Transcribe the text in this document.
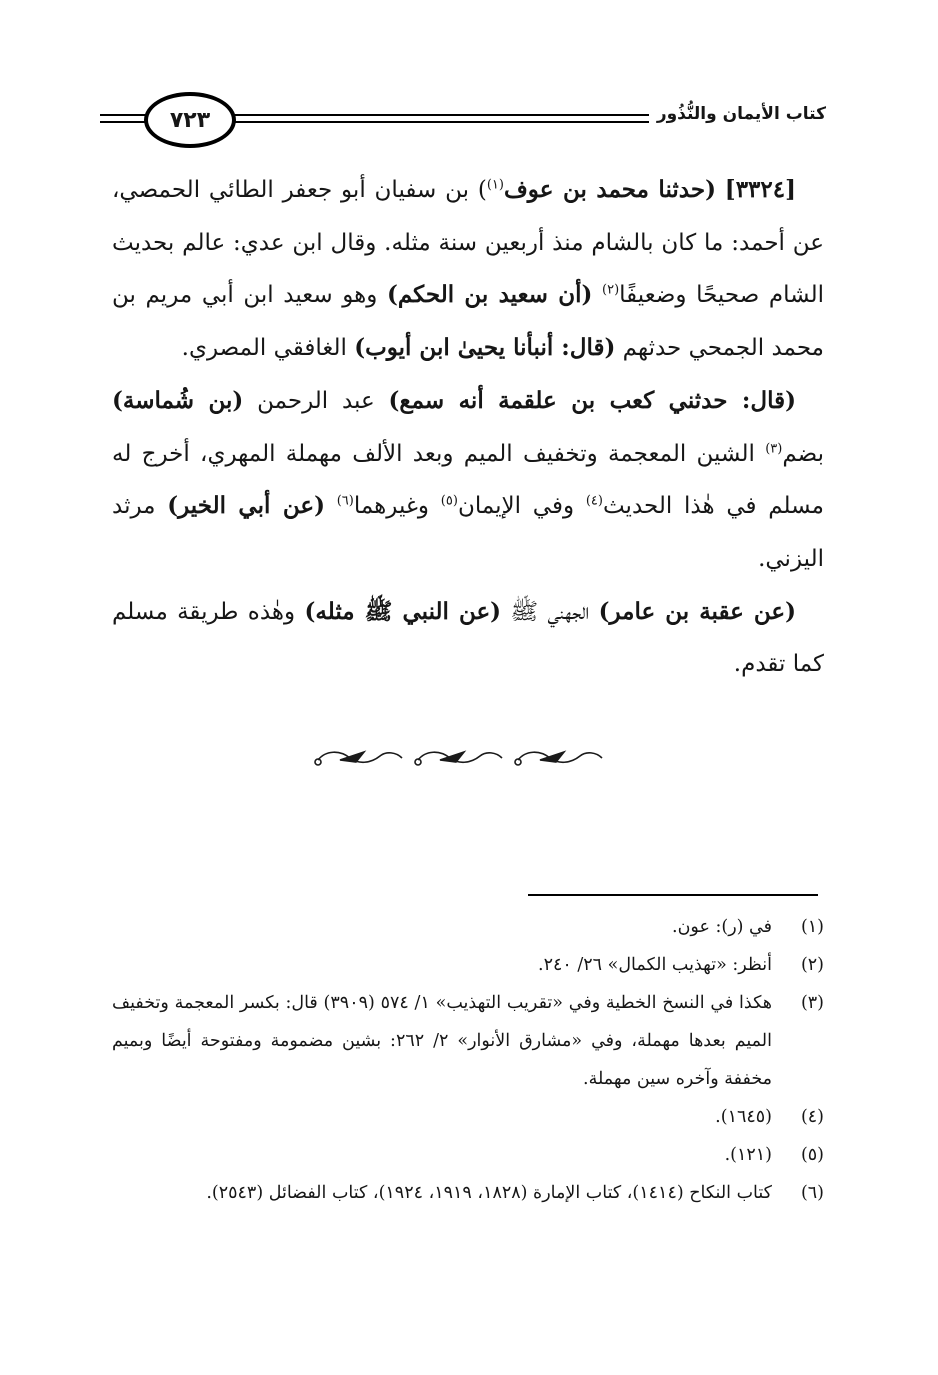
كتاب الأيمان والنُّذُور
٧٢٣

[٣٣٢٤] (حدثنا محمد بن عوف$^{(١)}$) بن سفيان أبو جعفر الطائي الحمصي، عن أحمد: ما كان بالشام منذ أربعين سنة مثله. وقال ابن عدي: عالم بحديث الشام صحيحًا وضعيفًا$^{(٢)}$ (أن سعيد بن الحكم) وهو سعيد ابن أبي مريم بن محمد الجمحي حدثهم (قال: أنبأنا يحيىٰ ابن أيوب) الغافقي المصري.

(قال: حدثني كعب بن علقمة أنه سمع) عبد الرحمن (بن شُماسة) بضم$^{(٣)}$ الشين المعجمة وتخفيف الميم وبعد الألف مهملة المهري، أخرج له مسلم في هٰذا الحديث$^{(٤)}$ وفي الإيمان$^{(٥)}$ وغيرهما$^{(٦)}$ (عن أبي الخير) مرثد اليزني.

(عن عقبة بن عامر) الجهني ﷺ (عن النبي ﷺ مثله) وهٰذه طريقة مسلم كما تقدم.

(١)
في (ر): عون.
(٢)
أنظر: «تهذيب الكمال» ٢٦/ ٢٤٠.
(٣)
هكذا في النسخ الخطية وفي «تقريب التهذيب» ١/ ٥٧٤ (٣٩٠٩) قال: بكسر المعجمة وتخفيف الميم بعدها مهملة، وفي «مشارق الأنوار» ٢/ ٢٦٢: بشين مضمومة ومفتوحة أيضًا وبميم مخففة وآخره سين مهملة.
(٤)
(١٦٤٥).
(٥)
(١٢١).
(٦)
كتاب النكاح (١٤١٤)، كتاب الإمارة (١٨٢٨، ١٩١٩، ١٩٢٤)، كتاب الفضائل (٢٥٤٣).
